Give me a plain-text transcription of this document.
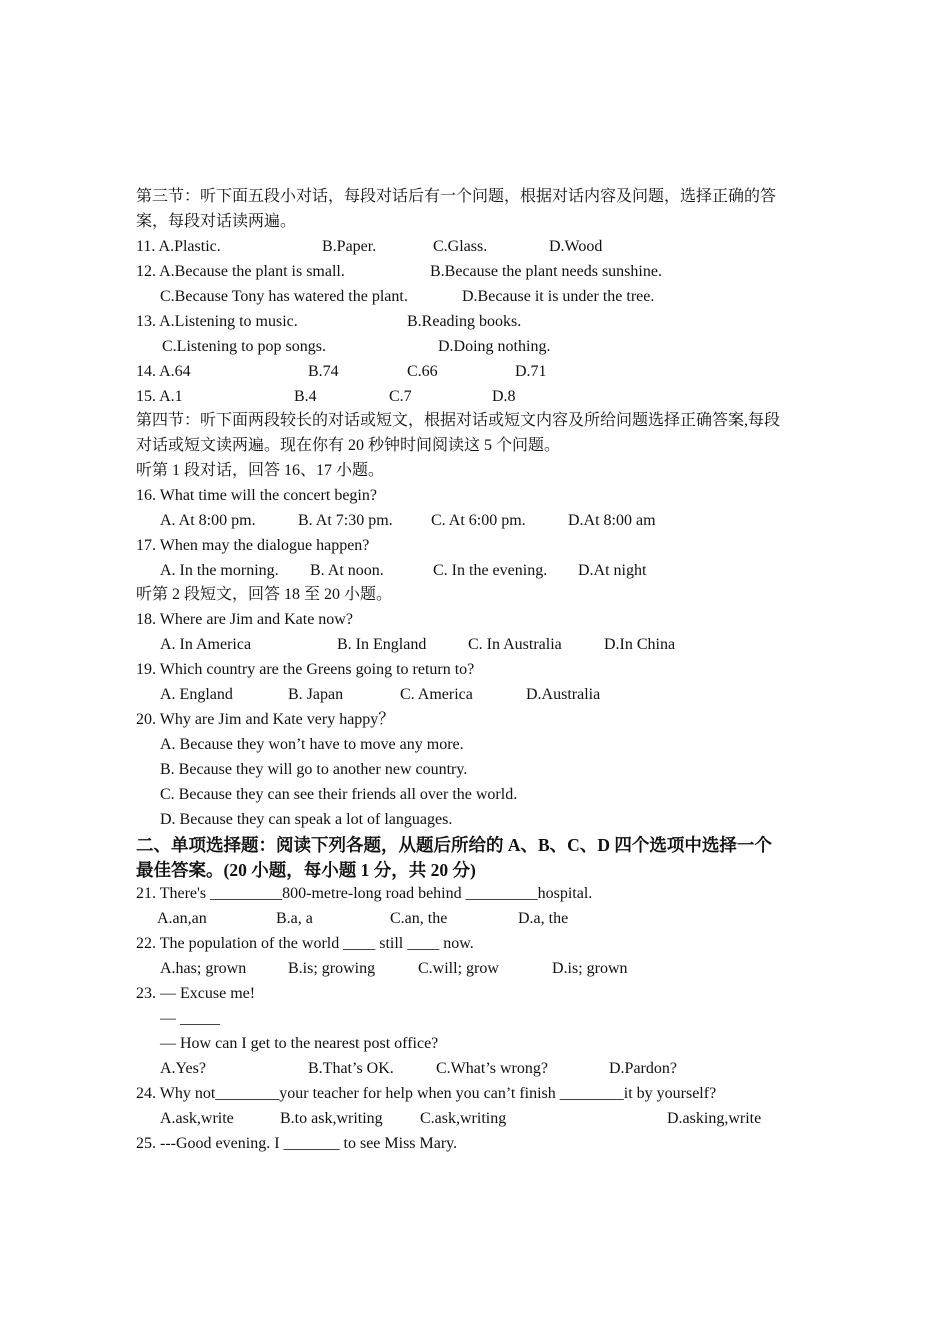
第三节：听下面五段小对话，每段对话后有一个问题，根据对话内容及问题，选择正确的答
案，每段对话读两遍。
11. A.Plastic.	B.Paper.	C.Glass.	D.Wood
12. A.Because the plant is small.	B.Because the plant needs sunshine.
C.Because Tony has watered the plant.	D.Because it is under the tree.
13. A.Listening to music.	B.Reading books.
C.Listening to pop songs.	D.Doing nothing.
14. A.64	B.74	C.66	D.71
15. A.1	B.4	C.7	D.8
第四节：听下面两段较长的对话或短文，根据对话或短文内容及所给问题选择正确答案,每段
对话或短文读两遍。现在你有 20 秒钟时间阅读这 5 个问题。
听第 1 段对话，回答 16、17 小题。
16. What time will the concert begin?
A. At 8:00 pm.	B. At 7:30 pm. C. At 6:00 pm.	D.At 8:00 am
17. When may the dialogue happen?
A. In the morning. B. At noon.	C. In the evening. D.At night
听第 2 段短文，回答 18 至 20 小题。
18. Where are Jim and Kate now?
A. In America	B. In England	C. In Australia	D.In China
19. Which country are the Greens going to return to?
A. England	B. Japan	C. America	D.Australia
20. Why are Jim and Kate very happy？
A. Because they won’t have to move any more.
B. Because they will go to another new country.
C. Because they can see their friends all over the world.
D. Because they can speak a lot of languages.
二、单项选择题：阅读下列各题，从题后所给的 A、B、C、D 四个选项中选择一个
最佳答案。(20 小题，每小题 1 分，共 20 分)
21. There's _________800-metre-long road behind _________hospital.
A.an,an	B.a, a	C.an, the	D.a, the
22. The population of the world ____ still ____ now.
A.has; grown	B.is; growing	C.will; grow	D.is; grown
23. — Excuse me!
— _____
— How can I get to the nearest post office?
A.Yes?	B.That’s OK.	C.What’s wrong?	D.Pardon?
24. Why not________your teacher for help when you can’t finish ________it by yourself?
A.ask,write	B.to ask,writing C.ask,writing	D.asking,write
25. ---Good evening. I _______ to see Miss Mary.
